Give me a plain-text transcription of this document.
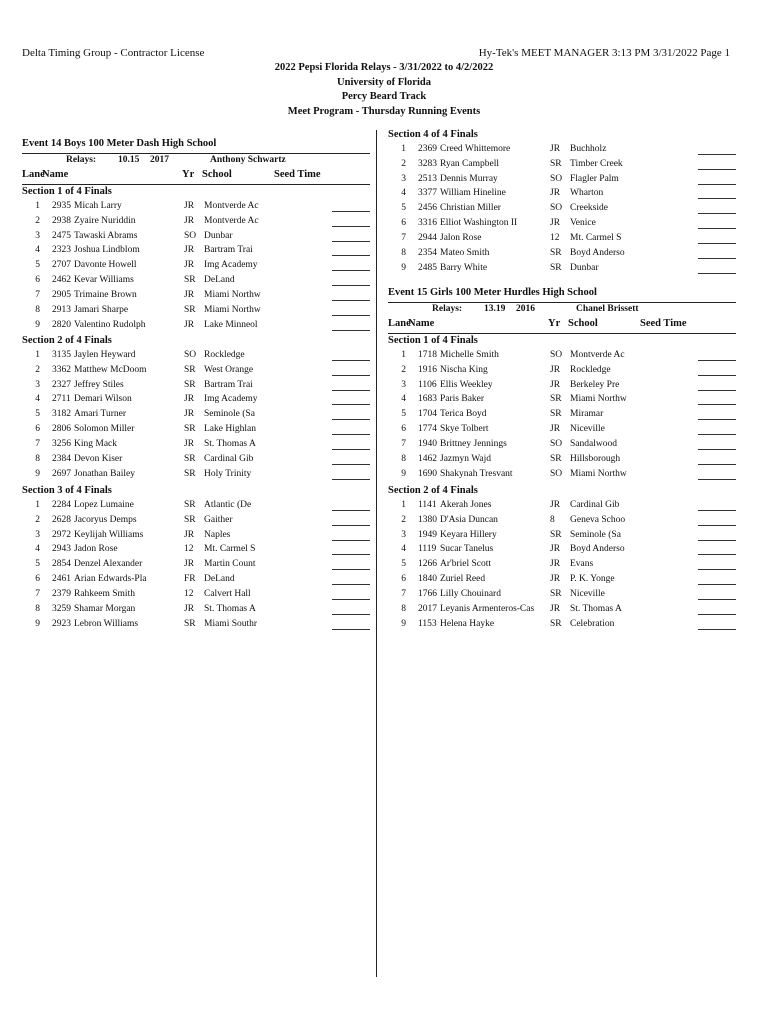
Delta Timing Group - Contractor License	Hy-Tek's MEET MANAGER 3:13 PM 3/31/2022 Page 1
2022 Pepsi Florida Relays - 3/31/2022 to 4/2/2022
University of Florida
Percy Beard Track
Meet Program - Thursday Running Events
Event 14 Boys 100 Meter Dash High School
Relays: 10.15 2017	Anthony Schwartz
Lane
Name	Yr School	Seed Time
Section 1 of 4 Finals
1 2935 Micah Larry	JR	Montverde Ac
2 2938 Zyaire Nuriddin	JR	Montverde Ac
3 2475 Tawaski Abrams	SO Dunbar
4 2323 Joshua Lindblom	JR	Bartram Trai
5 2707 Davonte Howell	JR	Img Academy
6 2462 Kevar Williams	SR DeLand
7 2905 Trimaine Brown	JR	Miami Northw
8 2913 Jamari Sharpe	SR Miami Northw
9 2820 Valentino Rudolph	JR	Lake Minneol
Section 2 of 4 Finals
1 3135 Jaylen Heyward	SO Rockledge
2 3362 Matthew McDoom	SR West Orange
3 2327 Jeffrey Stiles	SR Bartram Trai
4 2711 Demari Wilson	JR	Img Academy
5 3182 Amari Turner	JR	Seminole (Sa
6 2806 Solomon Miller	SR Lake Highlan
7 3256 King Mack	JR	St. Thomas A
8 2384 Devon Kiser	SR Cardinal Gib
9 2697 Jonathan Bailey	SR Holy Trinity
Section 3 of 4 Finals
1 2284 Lopez Lumaine	SR Atlantic (De
2 2628 Jacoryus Demps	SR Gaither
3 2972 Keylijah Williams	JR	Naples
4 2943 Jadon Rose	12	Mt. Carmel S
5 2854 Denzel Alexander	JR	Martin Count
6 2461 Arian Edwards-Pla	FR DeLand
7 2379 Rahkeem Smith	12	Calvert Hall
8 3259 Shamar Morgan	JR	St. Thomas A
9 2923 Lebron Williams	SR Miami Southr
Section 4 of 4 Finals
1 2369 Creed Whittemore	JR	Buchholz
2 3283 Ryan Campbell	SR Timber Creek
3 2513 Dennis Murray	SO Flagler Palm
4 3377 William Hineline	JR	Wharton
5 2456 Christian Miller	SO Creekside
6 3316 Elliot Washington II	JR	Venice
7 2944 Jalon Rose	12	Mt. Carmel S
8 2354 Mateo Smith	SR Boyd Anderso
9 2485 Barry White	SR Dunbar
Event 15 Girls 100 Meter Hurdles High School
Relays: 13.19 2016	Chanel Brissett
Lane
Name	Yr School	Seed Time
Section 1 of 4 Finals
1 1718 Michelle Smith	SO Montverde Ac
2 1916 Nischa King	JR	Rockledge
3 1106 Ellis Weekley	JR	Berkeley Pre
4 1683 Paris Baker	SR Miami Northw
5 1704 Terica Boyd	SR Miramar
6 1774 Skye Tolbert	JR	Niceville
7 1940 Brittney Jennings	SO Sandalwood
8 1462 Jazmyn Wajd	SR Hillsborough
9 1690 Shakynah Tresvant	SO Miami Northw
Section 2 of 4 Finals
1 1141 Akerah Jones	JR	Cardinal Gib
2 1380 D'Asia Duncan	8	Geneva Schoo
3 1949 Keyara Hillery	SR Seminole (Sa
4 1119 Sucar Tanelus	JR	Boyd Anderso
5 1266 Ar'briel Scott	JR	Evans
6 1840 Zuriel Reed	JR	P. K. Yonge
7 1766 Lilly Chouinard	SR Niceville
8 2017 Leyanis Armenteros-Cas	JR	St. Thomas A
9 1153 Helena Hayke	SR Celebration
